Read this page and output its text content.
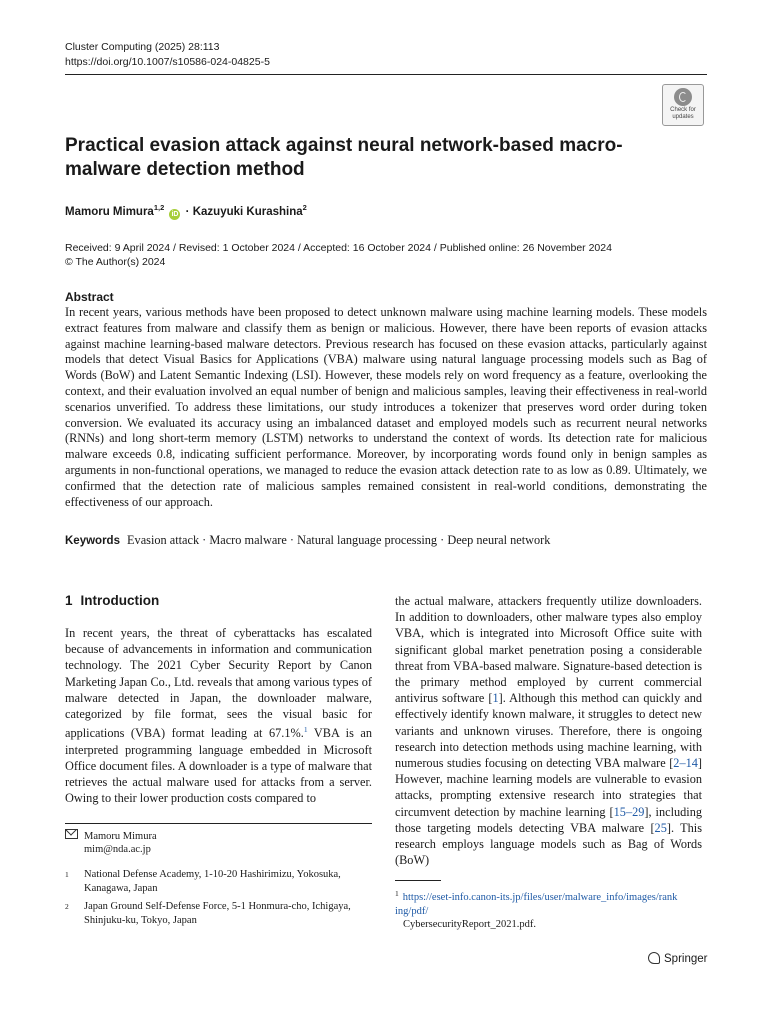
Cluster Computing (2025) 28:113
https://doi.org/10.1007/s10586-024-04825-5
Check for
updates
Practical evasion attack against neural network-based macro-malware detection method
Mamoru Mimura$^{1,2}$ iD · Kazuyuki Kurashina$^2$
Received: 9 April 2024 / Revised: 1 October 2024 / Accepted: 16 October 2024 / Published online: 26 November 2024
© The Author(s) 2024
Abstract

In recent years, various methods have been proposed to detect unknown malware using machine learning models. These models extract features from malware and classify them as benign or malicious. However, there have been reports of evasion attacks against machine learning-based malware detectors. Previous research has focused on these evasion attacks, particularly against models that detect Visual Basics for Applications (VBA) malware using natural language processing models such as Bag of Words (BoW) and Latent Semantic Indexing (LSI). However, these models rely on word frequency as a feature, overlooking the context, and their evaluation involved an equal number of benign and malicious samples, leaving their effectiveness in real-world scenarios unverified. To address these limitations, our study introduces a tokenizer that preserves word order during token conversion. We evaluated its accuracy using an imbalanced dataset and employed models such as recurrent neural networks (RNNs) and long short-term memory (LSTM) networks to understand the context of words. Its detection rate for malicious malware exceeds 0.8, indicating sufficient performance. Moreover, by incorporating words found only in benign samples as arguments in non-functional operations, we managed to reduce the evasion attack detection rate to as low as 0.89. Ultimately, we confirmed that the detection rate of malicious samples remained consistent in real-world conditions, demonstrating the effectiveness of our approach.

Keywords Evasion attack · Macro malware · Natural language processing · Deep neural network
1 Introduction

In recent years, the threat of cyberattacks has escalated because of advancements in information and communication technology. The 2021 Cyber Security Report by Canon Marketing Japan Co., Ltd. reveals that among various types of malware detected in Japan, the downloader malware, categorized by file format, sees the visual basic for applications (VBA) format leading at 67.1%.$^1$ VBA is an interpreted programming language embedded in Microsoft Office document files. A downloader is a type of malware that retrieves the actual malware used for attacks from a server. Owing to their lower production costs compared to

the actual malware, attackers frequently utilize downloaders. In addition to downloaders, other malware types also employ VBA, which is integrated into Microsoft Office suite with significant global market penetration posing a considerable threat from VBA-based malware. Signature-based detection is the primary method employed by current commercial antivirus software [1]. Although this method can quickly and effectively identify known malware, it struggles to detect new variants and unknown viruses. Therefore, there is ongoing research into detection methods using machine learning, with numerous studies focusing on detecting VBA malware [2–14] However, machine learning models are vulnerable to evasion attacks, prompting extensive research into strategies that circumvent detection by machine learning [15–29], including those targeting models detecting VBA malware [25]. This research employs language models such as Bag of Words (BoW)

Mamoru Mimura
mim@nda.ac.jp
1 National Defense Academy, 1-10-20 Hashirimizu, Yokosuka, Kanagawa, Japan
2 Japan Ground Self-Defense Force, 5-1 Honmura-cho, Ichigaya, Shinjuku-ku, Tokyo, Japan
$^1$ https://eset-info.canon-its.jp/files/user/malware_info/images/rank
ing/pdf/
CybersecurityReport_2021.pdf.
Springer
